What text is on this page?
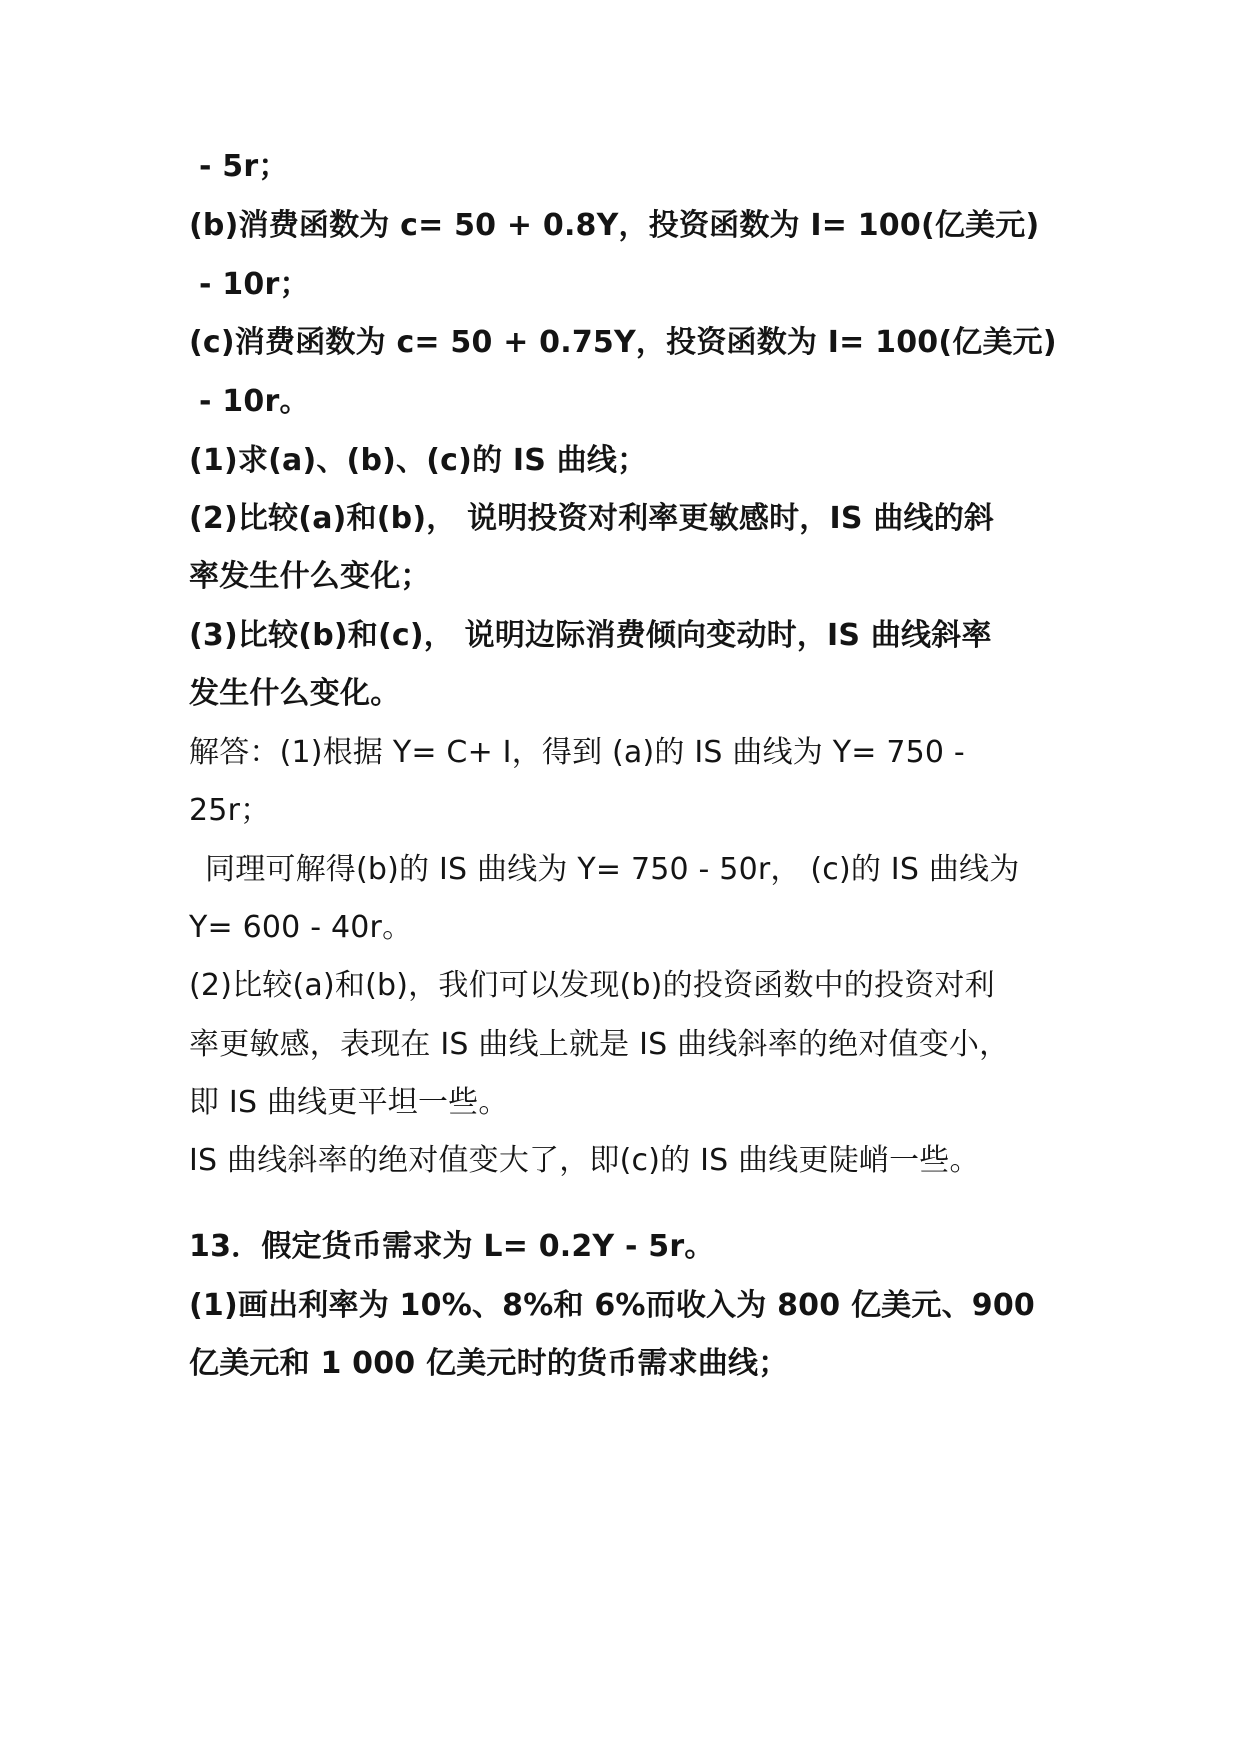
- 5r；
(b)消费函数为 c= 50 + 0.8Y，投资函数为 I= 100(亿美元)
- 10r；
(c)消费函数为 c= 50 + 0.75Y，投资函数为 I= 100(亿美元)
- 10r。
(1)求(a)、(b)、(c)的 IS 曲线；
(2)比较(a)和(b)， 说明投资对利率更敏感时，IS 曲线的斜
率发生什么变化；
(3)比较(b)和(c)， 说明边际消费倾向变动时，IS 曲线斜率
发生什么变化。
解答：(1)根据 Y= C+ I，得到 (a)的 IS 曲线为 Y= 750 -
25r；
同理可解得(b)的 IS 曲线为 Y= 750 - 50r， (c)的 IS 曲线为
Y= 600 - 40r。
(2)比较(a)和(b)，我们可以发现(b)的投资函数中的投资对利
率更敏感，表现在 IS 曲线上就是 IS 曲线斜率的绝对值变小，
即 IS 曲线更平坦一些。
IS 曲线斜率的绝对值变大了，即(c)的 IS 曲线更陡峭一些。
13．假定货币需求为 L= 0.2Y - 5r。
(1)画出利率为 10%、8%和 6%而收入为 800 亿美元、900
亿美元和 1 000 亿美元时的货币需求曲线；
